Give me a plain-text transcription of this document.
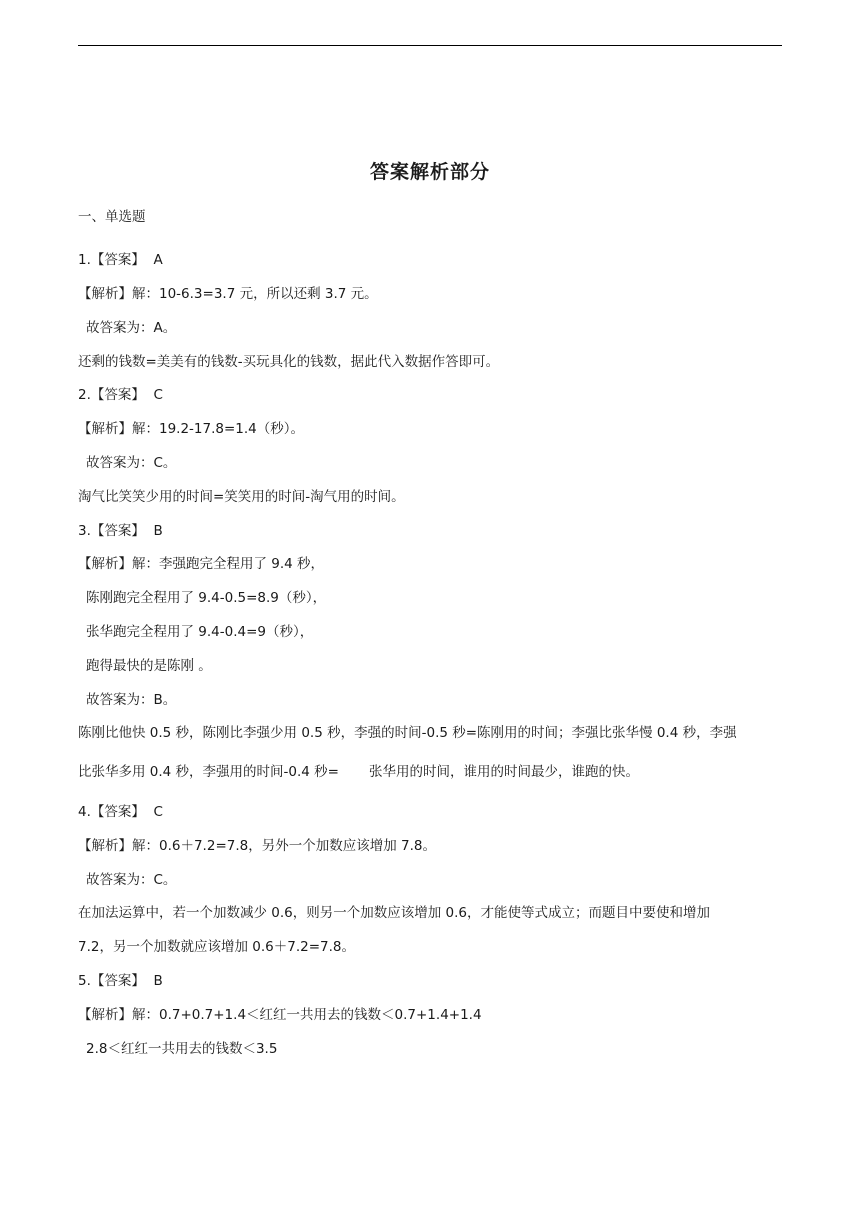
答案解析部分
一、单选题
1.【答案】  A
【解析】解：10-6.3=3.7 元，所以还剩 3.7 元。
故答案为：A。
还剩的钱数=美美有的钱数-买玩具化的钱数，据此代入数据作答即可。
2.【答案】  C
【解析】解：19.2-17.8=1.4（秒）。
故答案为：C。
淘气比笑笑少用的时间=笑笑用的时间-淘气用的时间。
3.【答案】  B
【解析】解：李强跑完全程用了 9.4 秒，
陈刚跑完全程用了 9.4-0.5=8.9（秒），
张华跑完全程用了 9.4-0.4=9（秒），
跑得最快的是陈刚 。
故答案为：B。
陈刚比他快 0.5 秒，陈刚比李强少用 0.5 秒，李强的时间-0.5 秒=陈刚用的时间；李强比张华慢 0.4 秒，李强
比张华多用 0.4 秒，李强用的时间-0.4 秒=       张华用的时间，谁用的时间最少，谁跑的快。
4.【答案】  C
【解析】解：0.6＋7.2=7.8，另外一个加数应该增加 7.8。
故答案为：C。
在加法运算中，若一个加数减少 0.6，则另一个加数应该增加 0.6，才能使等式成立；而题目中要使和增加
7.2，另一个加数就应该增加 0.6＋7.2=7.8。
5.【答案】  B
【解析】解：0.7+0.7+1.4＜红红一共用去的钱数＜0.7+1.4+1.4
2.8＜红红一共用去的钱数＜3.5
